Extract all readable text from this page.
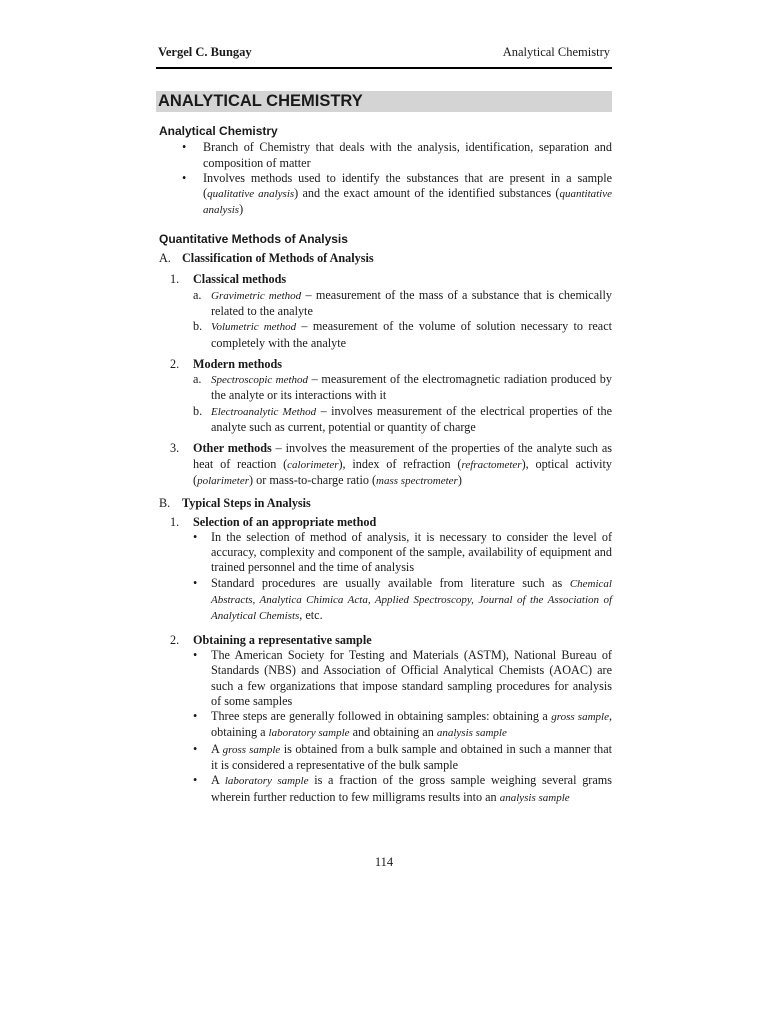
Vergel C. Bungay	Analytical Chemistry
ANALYTICAL CHEMISTRY
Analytical Chemistry
• Branch of Chemistry that deals with the analysis, identification, separation and composition of matter
• Involves methods used to identify the substances that are present in a sample (qualitative analysis) and the exact amount of the identified substances (quantitative analysis)
Quantitative Methods of Analysis
A. Classification of Methods of Analysis
1. Classical methods
a. Gravimetric method – measurement of the mass of a substance that is chemically related to the analyte
b. Volumetric method – measurement of the volume of solution necessary to react completely with the analyte
2. Modern methods
a. Spectroscopic method – measurement of the electromagnetic radiation produced by the analyte or its interactions with it
b. Electroanalytic Method – involves measurement of the electrical properties of the analyte such as current, potential or quantity of charge
3. Other methods – involves the measurement of the properties of the analyte such as heat of reaction (calorimeter), index of refraction (refractometer), optical activity (polarimeter) or mass-to-charge ratio (mass spectrometer)
B. Typical Steps in Analysis
1. Selection of an appropriate method
• In the selection of method of analysis, it is necessary to consider the level of accuracy, complexity and component of the sample, availability of equipment and trained personnel and the time of analysis
• Standard procedures are usually available from literature such as Chemical Abstracts, Analytica Chimica Acta, Applied Spectroscopy, Journal of the Association of Analytical Chemists, etc.
2. Obtaining a representative sample
• The American Society for Testing and Materials (ASTM), National Bureau of Standards (NBS) and Association of Official Analytical Chemists (AOAC) are such a few organizations that impose standard sampling procedures for analysis of some samples
• Three steps are generally followed in obtaining samples: obtaining a gross sample, obtaining a laboratory sample and obtaining an analysis sample
• A gross sample is obtained from a bulk sample and obtained in such a manner that it is considered a representative of the bulk sample
• A laboratory sample is a fraction of the gross sample weighing several grams wherein further reduction to few milligrams results into an analysis sample
114
